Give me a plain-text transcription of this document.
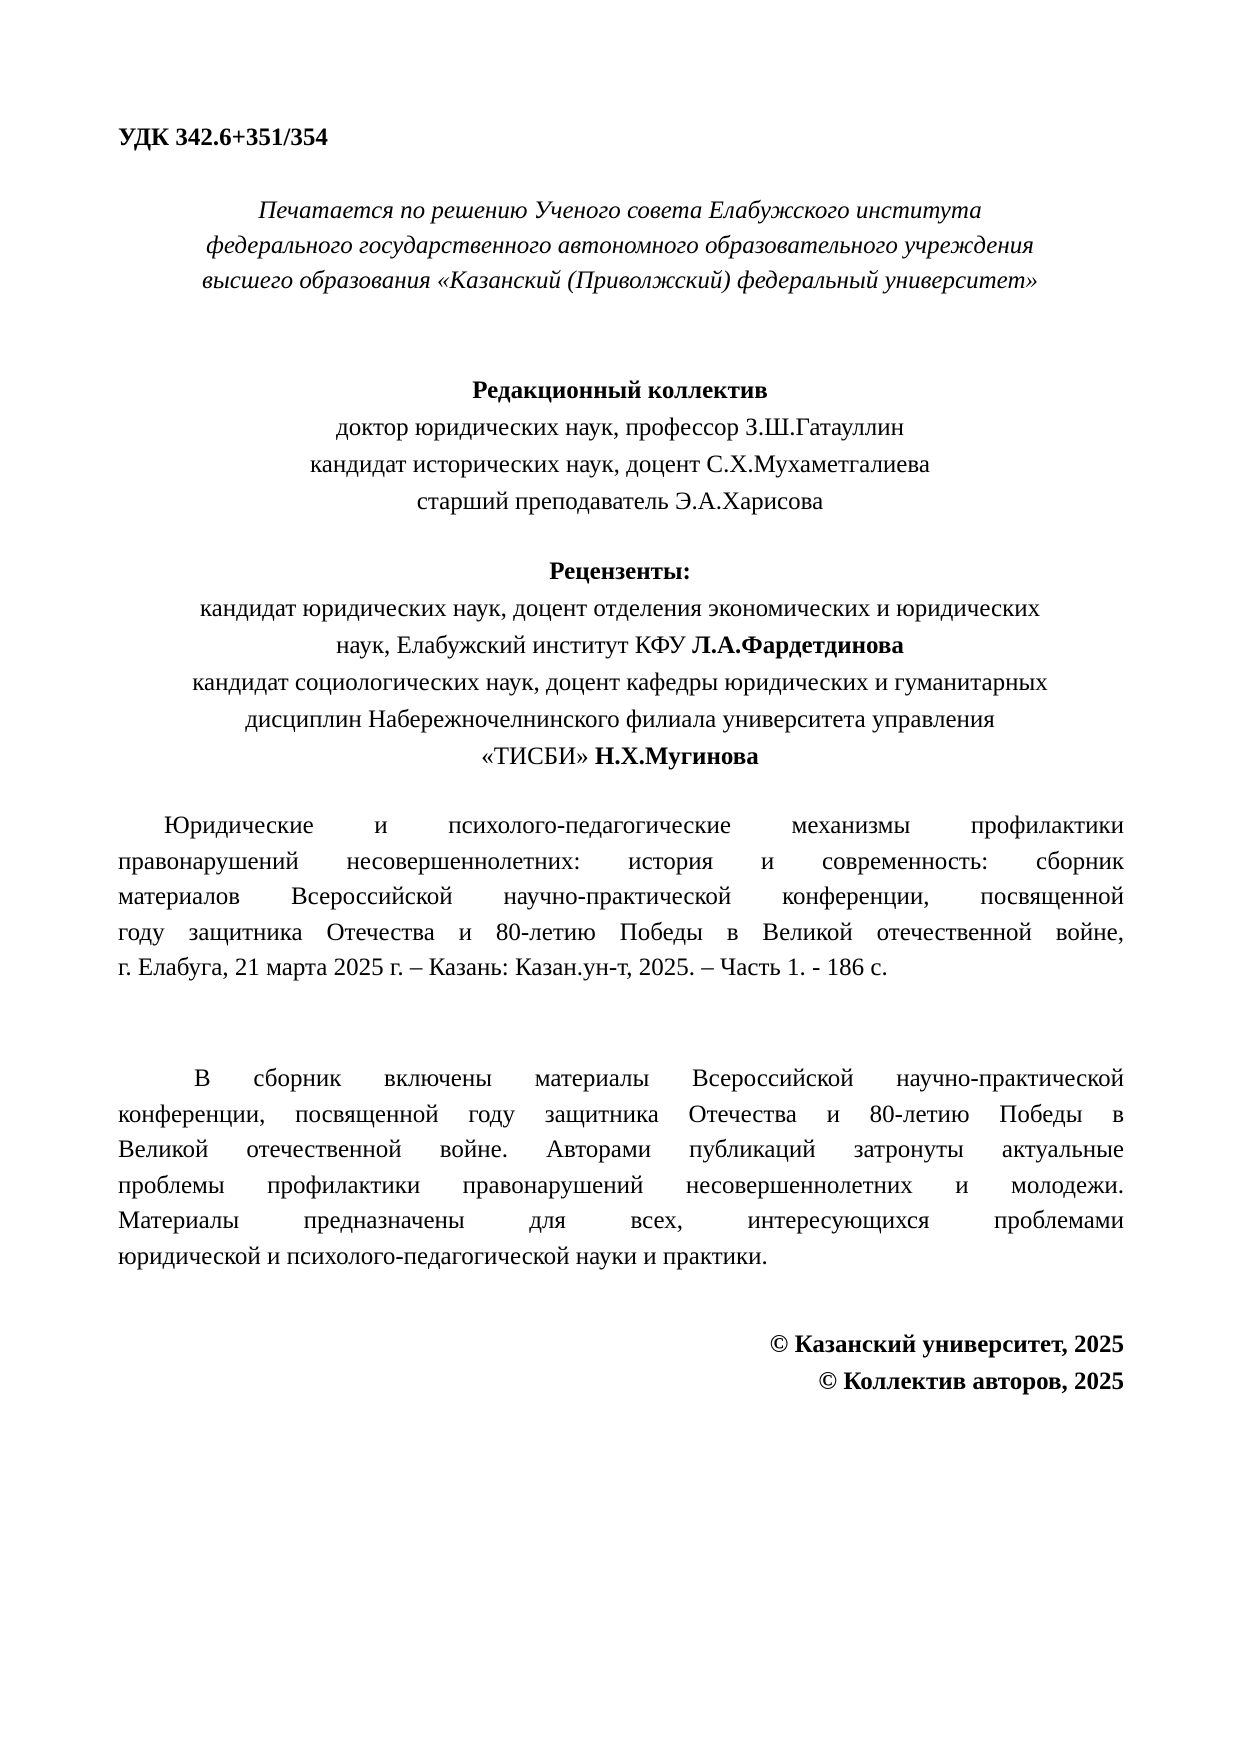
УДК 342.6+351/354
Печатается по решению Ученого совета Елабужского института
федерального государственного автономного образовательного учреждения
высшего образования «Казанский (Приволжский) федеральный университет»
Редакционный коллектив
доктор юридических наук, профессор З.Ш.Гатауллин
кандидат исторических наук, доцент С.Х.Мухаметгалиева
старший преподаватель Э.А.Харисова
Рецензенты:
кандидат юридических наук, доцент отделения экономических и юридических
наук, Елабужский институт КФУ Л.А.Фардетдинова
кандидат социологических наук, доцент кафедры юридических и гуманитарных
дисциплин Набережночелнинского филиала университета управления
«ТИСБИ» Н.Х.Мугинова
Юридические и психолого-педагогические механизмы профилактики
правонарушений несовершеннолетних: история и современность: сборник
материалов Всероссийской научно-практической конференции, посвященной
году защитника Отечества и 80-летию Победы в Великой отечественной войне,
г. Елабуга, 21 марта 2025 г. – Казань: Казан.ун-т, 2025. – Часть 1. - 186 с.
В сборник включены материалы Всероссийской научно-практической
конференции, посвященной году защитника Отечества и 80-летию Победы в
Великой отечественной войне. Авторами публикаций затронуты актуальные
проблемы профилактики правонарушений несовершеннолетних и молодежи.
Материалы предназначены для всех, интересующихся проблемами
юридической и психолого-педагогической науки и практики.
© Казанский университет, 2025
© Коллектив авторов, 2025
